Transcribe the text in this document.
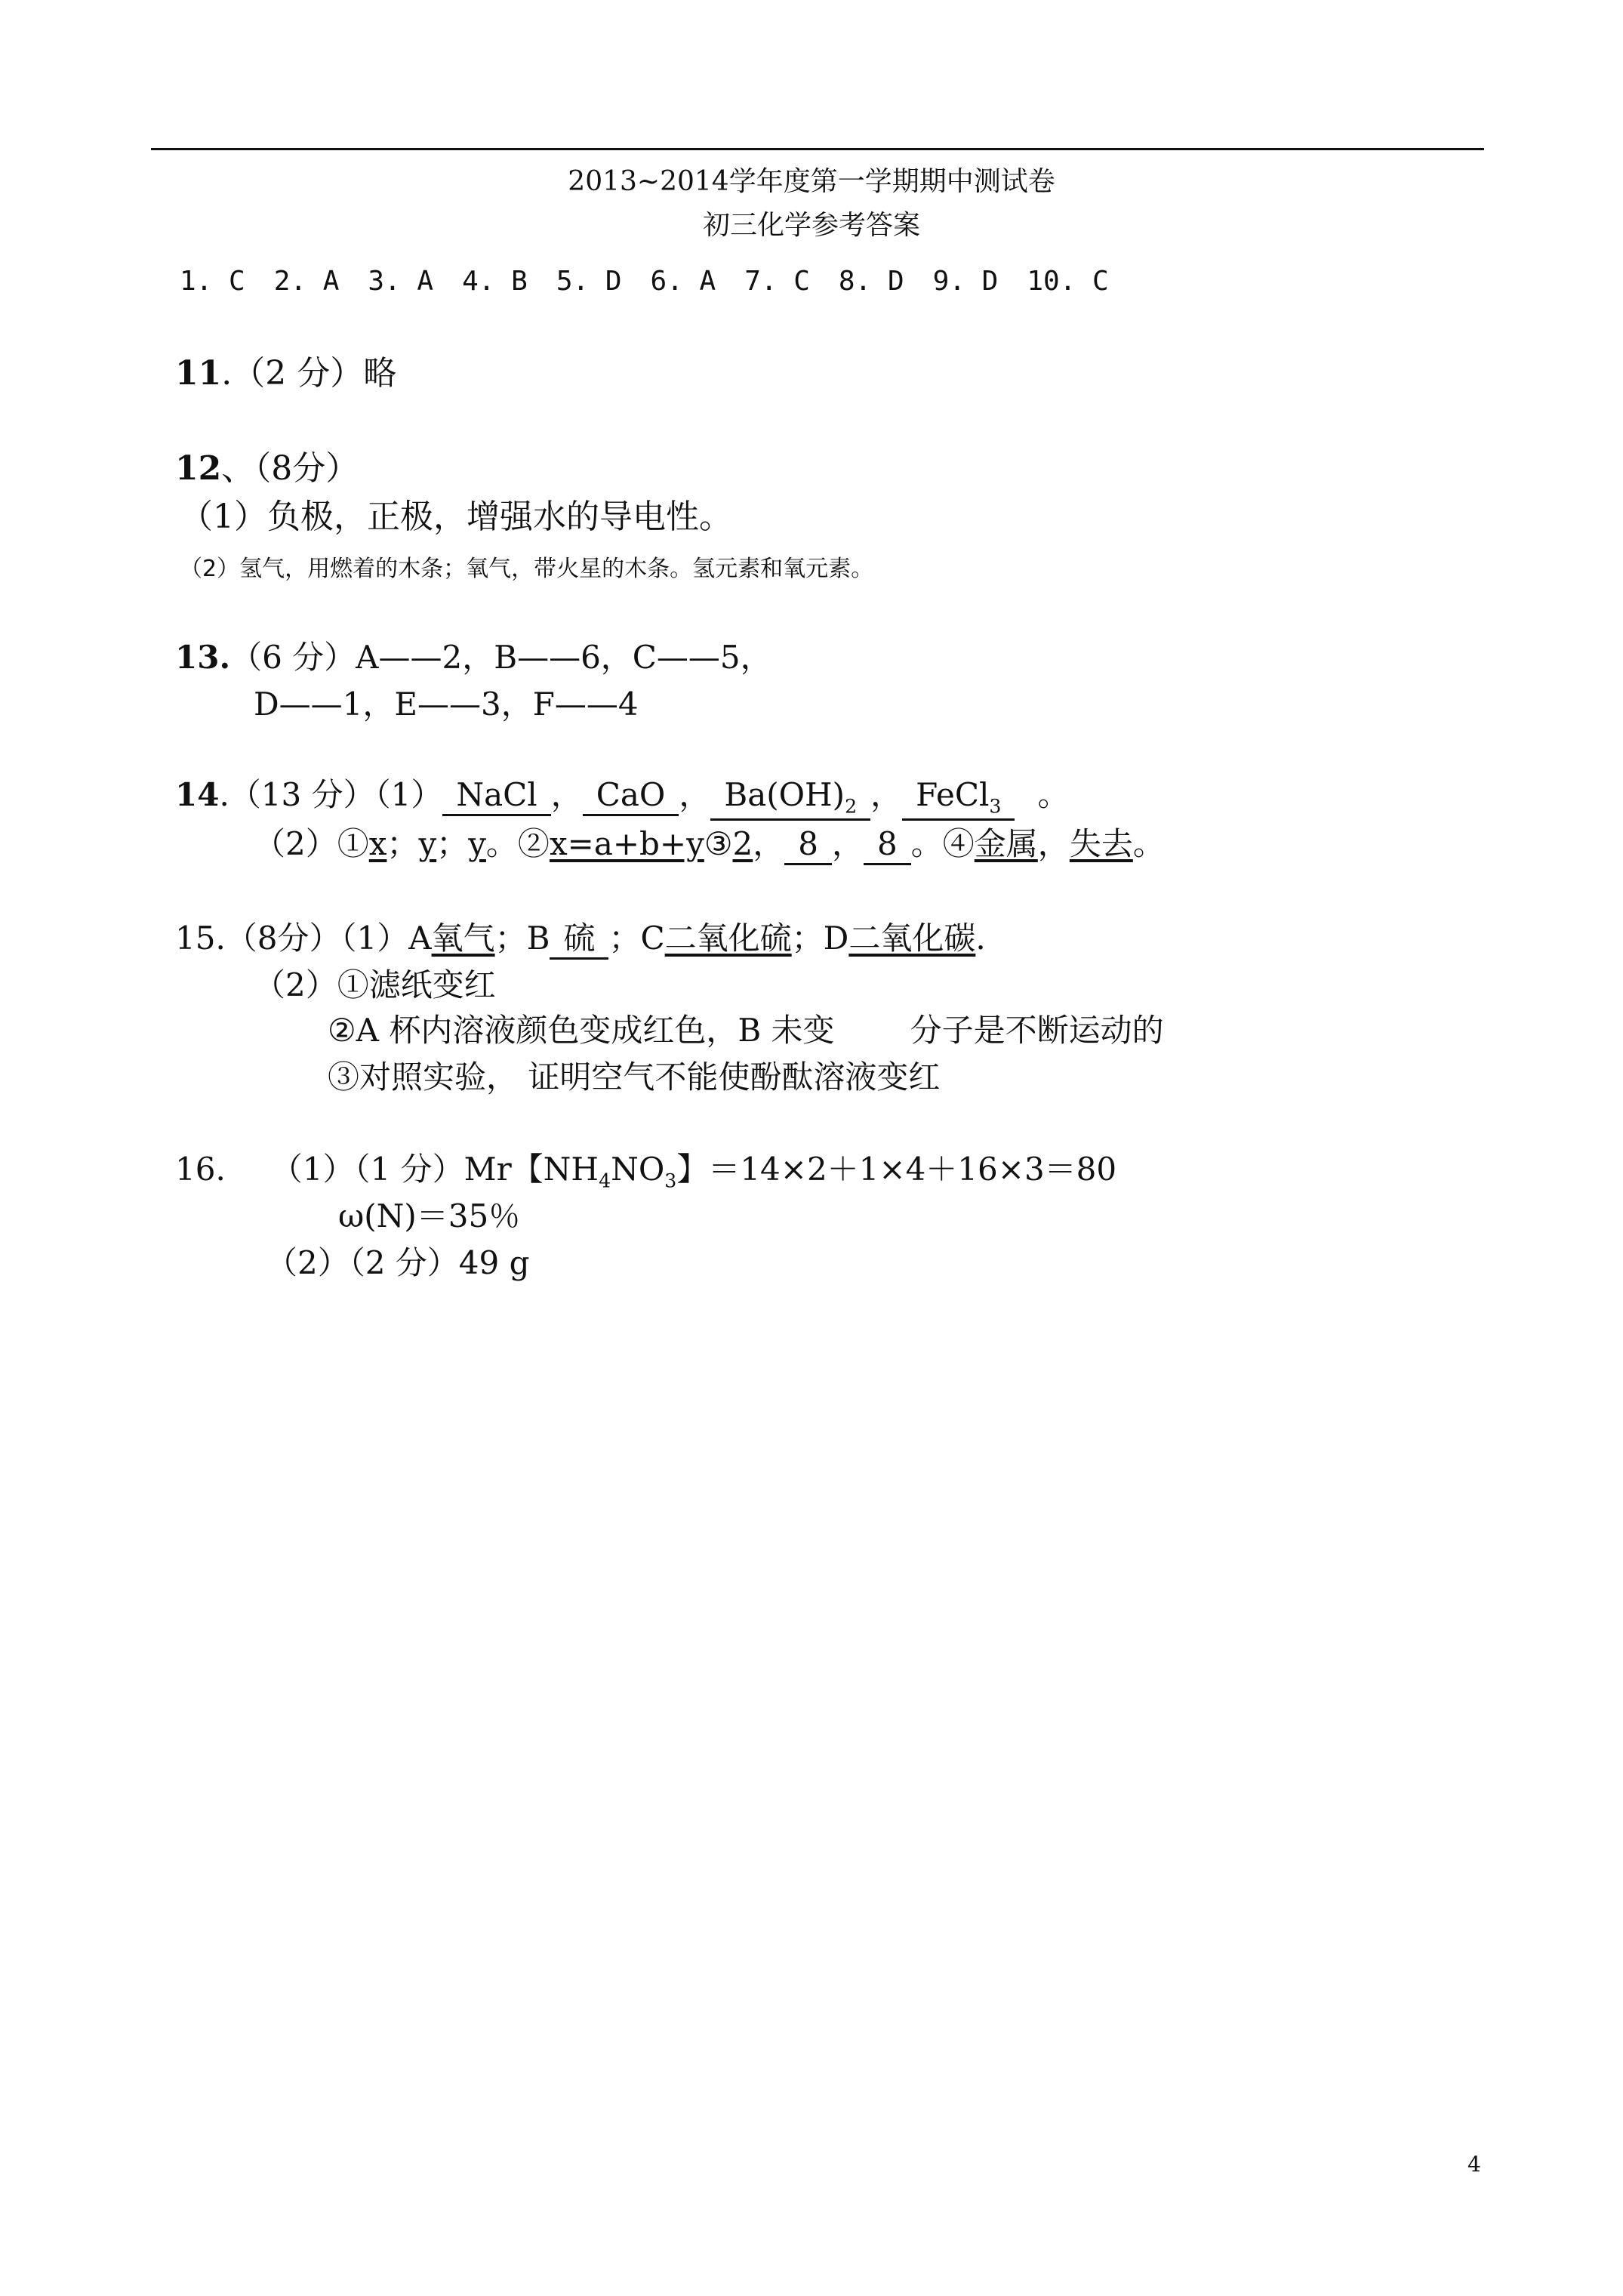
2013~2014学年度第一学期期中测试卷
初三化学参考答案
1. C 2. A 3. A 4. B 5. D 6. A 7. C 8. D 9. D 10. C
11.（2 分）略
12、（8分）
（1）负极，正极，增强水的导电性。
（2）氢气，用燃着的木条；氧气，带火星的木条。氢元素和氧元素。
13.（6 分）A——2，B——6，C——5，
D——1，E——3，F——4
14.（13 分）（1） NaCl ， CaO ， $Ba(OH)_2$ ， FeCl$_3$ 。
（2）①x；y；y。②x=a+b+y③2， 8 ， 8 。④金属，失去。
15.（8分）（1）A氧气；B 硫 ；C二氧化硫；D二氧化碳.
（2）①滤纸变红
②A 杯内溶液颜色变成红色，B 未变 分子是不断运动的
③对照实验， 证明空气不能使酚酞溶液变红
16. （1）（1 分）Mr【$NH_4NO_3$】＝14×2＋1×4＋16×3＝80
ω(N)＝35％
（2）（2 分）49 g
4
